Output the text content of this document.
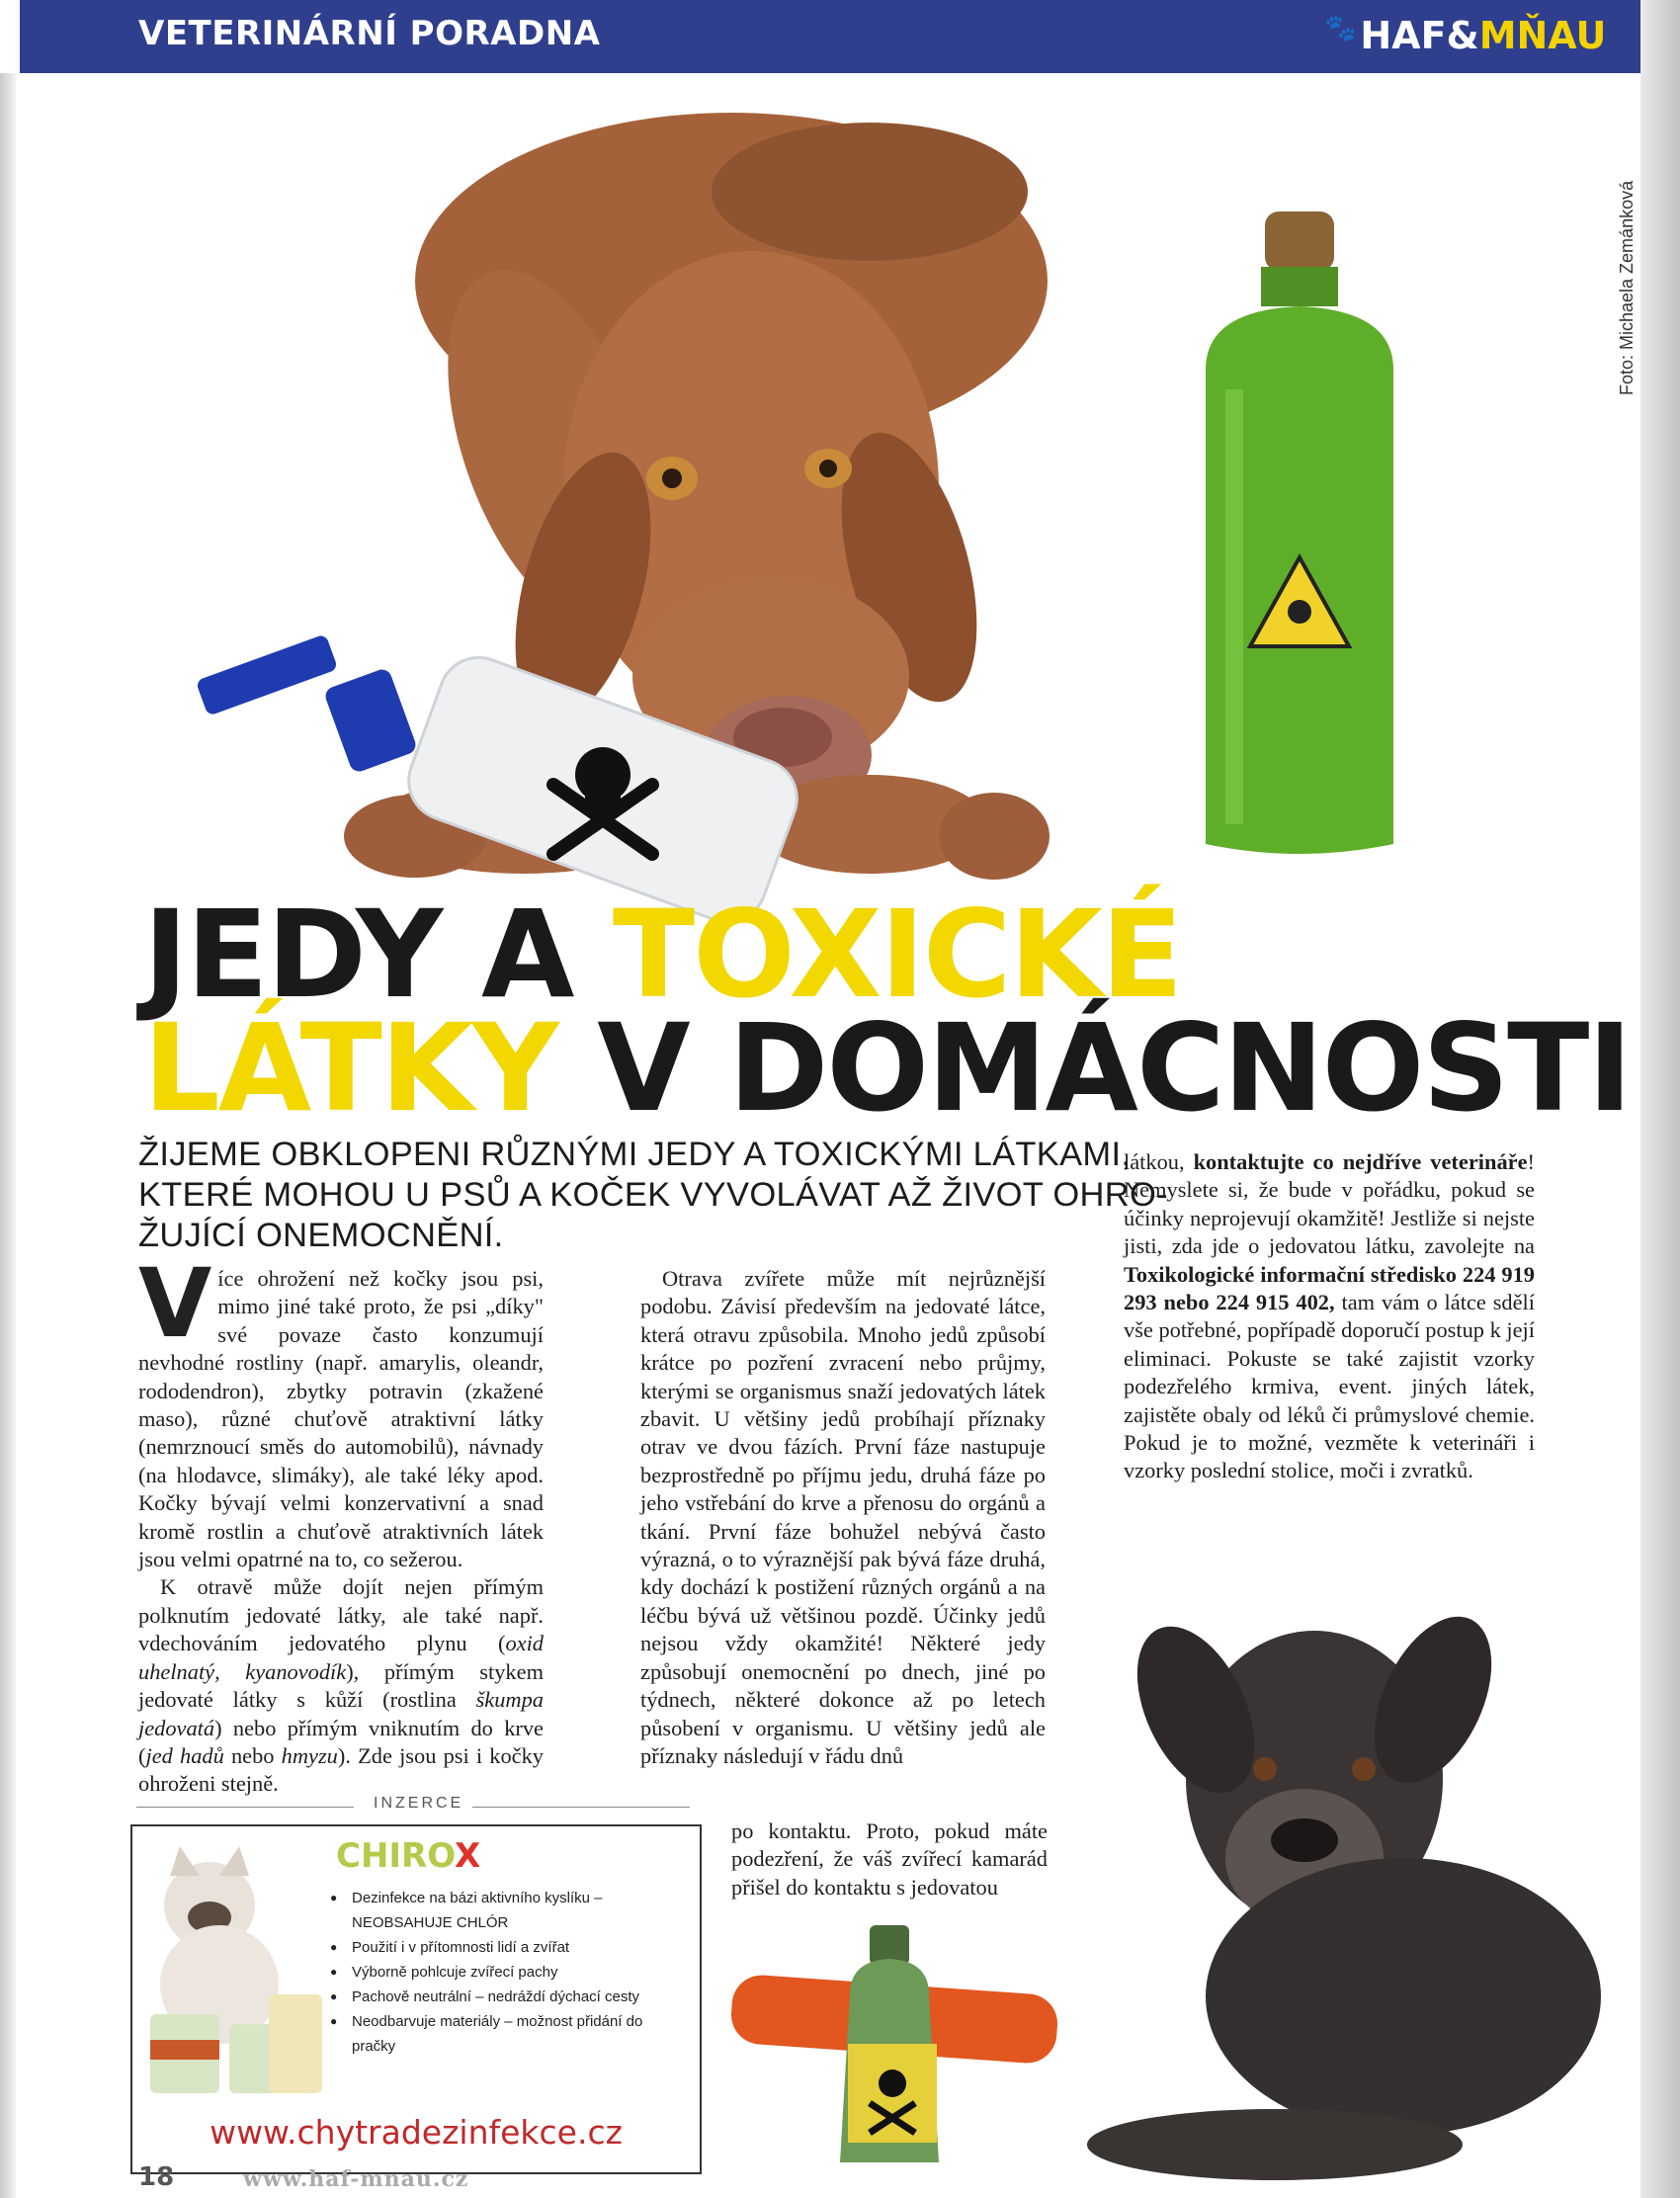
VETERINÁRNÍ PORADNA	🐾 HAF&MŇAU
Foto: Michaela Zemánková
JEDY A TOXICKÉ
LÁTKY V DOMÁCNOSTI
ŽIJEME OBKLOPENI RŮZNÝMI JEDY A TOXICKÝMI LÁTKAMI,
KTERÉ MOHOU U PSŮ A KOČEK VYVOLÁVAT AŽ ŽIVOT OHRO-
ŽUJÍCÍ ONEMOCNĚNÍ.

Více ohrožení než kočky jsou psi, mimo jiné také proto, že psi „díky" své povaze často konzumují nevhodné rostliny (např. amarylis, oleandr, rododendron), zbytky potravin (zkažené maso), různé chuťově atraktivní látky (nemrznoucí směs do automobilů), návnady (na hlodavce, slimáky), ale také léky apod. Kočky bývají velmi konzervativní a snad kromě rostlin a chuťově atraktivních látek jsou velmi opatrné na to, co sežerou.

K otravě může dojít nejen přímým polknutím jedovaté látky, ale také např. vdechováním jedovatého plynu (oxid uhelnatý, kyanovodík), přímým stykem jedovaté látky s kůží (rostlina škumpa jedovatá) nebo přímým vniknutím do krve (jed hadů nebo hmyzu). Zde jsou psi i kočky ohroženi stejně.

Otrava zvířete může mít nejrůznější podobu. Závisí především na jedovaté látce, která otravu způsobila. Mnoho jedů způsobí krátce po pozření zvracení nebo průjmy, kterými se organismus snaží jedovatých látek zbavit. U většiny jedů probíhají příznaky otrav ve dvou fázích. První fáze nastupuje bezprostředně po příjmu jedu, druhá fáze po jeho vstřebání do krve a přenosu do orgánů a tkání. První fáze bohužel nebývá často výrazná, o to výraznější pak bývá fáze druhá, kdy dochází k postižení různých orgánů a na léčbu bývá už většinou pozdě. Účinky jedů nejsou vždy okamžité! Některé jedy způsobují onemocnění po dnech, jiné po týdnech, některé dokonce až po letech působení v organismu. U většiny jedů ale příznaky následují v řádu dnů

po kontaktu. Proto, pokud máte podezření, že váš zvířecí kamarád přišel do kontaktu s jedovatou

látkou, kontaktujte co nejdříve veterináře! Nemyslete si, že bude v pořádku, pokud se účinky neprojevují okamžitě! Jestliže si nejste jisti, zda jde o jedovatou látku, zavolejte na Toxikologické informační středisko 224 919 293 nebo 224 915 402, tam vám o látce sdělí vše potřebné, popřípadě doporučí postup k její eliminaci. Pokuste se také zajistit vzorky podezřelého krmiva, event. jiných látek, zajistěte obaly od léků či průmyslové chemie. Pokud je to možné, vezměte k veterináři i vzorky poslední stolice, moči i zvratků.

INZERCE
CHIROX
● Dezinfekce na bázi aktivního kyslíku – NEOBSAHUJE CHLÓR
● Použití i v přítomnosti lidí a zvířat
● Výborně pohlcuje zvířecí pachy
● Pachově neutrální – nedráždí dýchací cesty
● Neodbarvuje materiály – možnost přidání do pračky
www.chytradezinfekce.cz
18	www.haf-mnau.cz
